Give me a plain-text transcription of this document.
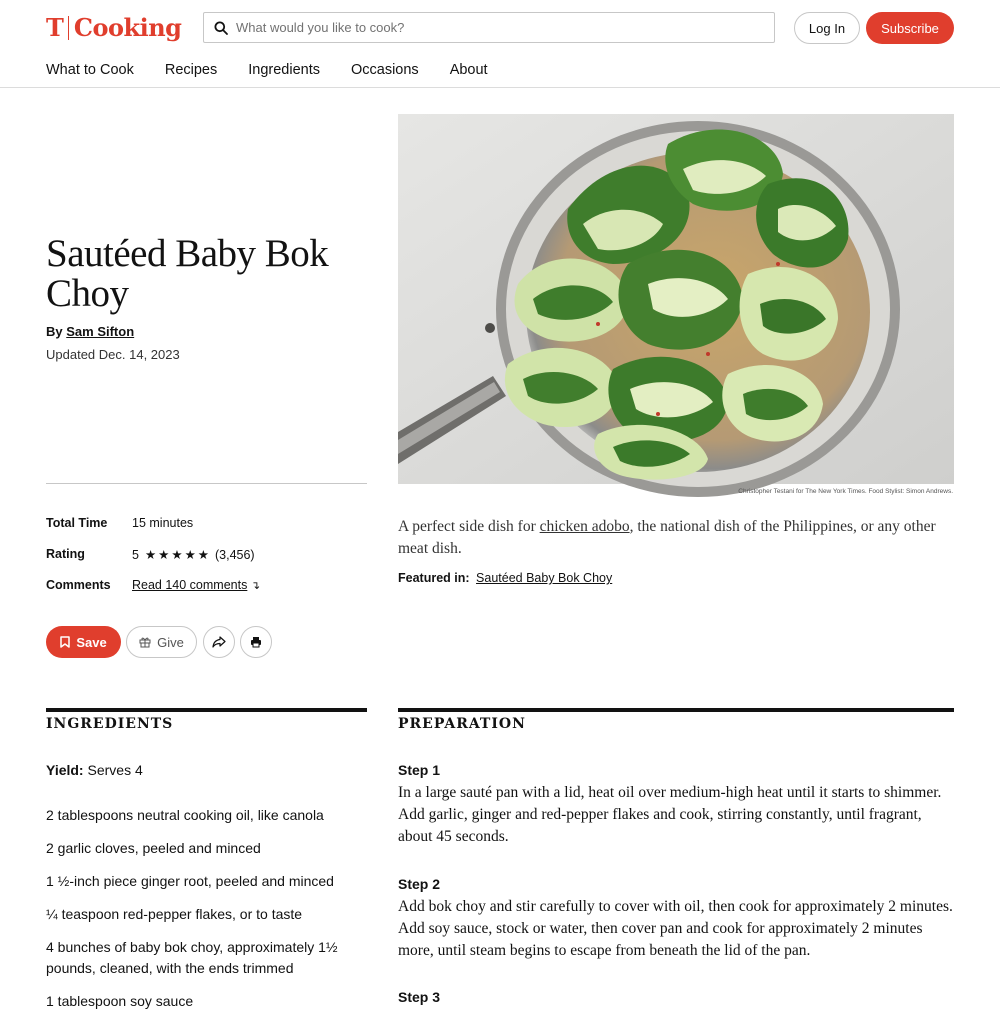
T Cooking
What would you like to cook?	Log In	Subscribe
What to Cook Recipes Ingredients Occasions About
Sautéed Baby Bok Choy
By Sam Sifton
Updated Dec. 14, 2023
Christopher Testani for The New York Times. Food Stylist: Simon Andrews.
Total Time 15 minutes
Rating	5 ★★★★★ (3,456)
Comments Read 140 comments ↴

A perfect side dish for chicken adobo, the national dish of the Philippines, or any other meat dish.

Featured in: Sautéed Baby Bok Choy
Save	Give
INGREDIENTS
Yield: Serves 4
2 tablespoons neutral cooking oil, like canola
2 garlic cloves, peeled and minced
1 ½-inch piece ginger root, peeled and minced
¼ teaspoon red-pepper flakes, or to taste
4 bunches of baby bok choy, approximately 1½ pounds, cleaned, with the ends trimmed
1 tablespoon soy sauce
PREPARATION
Step 1

In a large sauté pan with a lid, heat oil over medium-high heat until it starts to shimmer. Add garlic, ginger and red-pepper flakes and cook, stirring constantly, until fragrant, about 45 seconds.

Step 2

Add bok choy and stir carefully to cover with oil, then cook for approximately 2 minutes. Add soy sauce, stock or water, then cover pan and cook for approximately 2 minutes more, until steam begins to escape from beneath the lid of the pan.

Step 3
